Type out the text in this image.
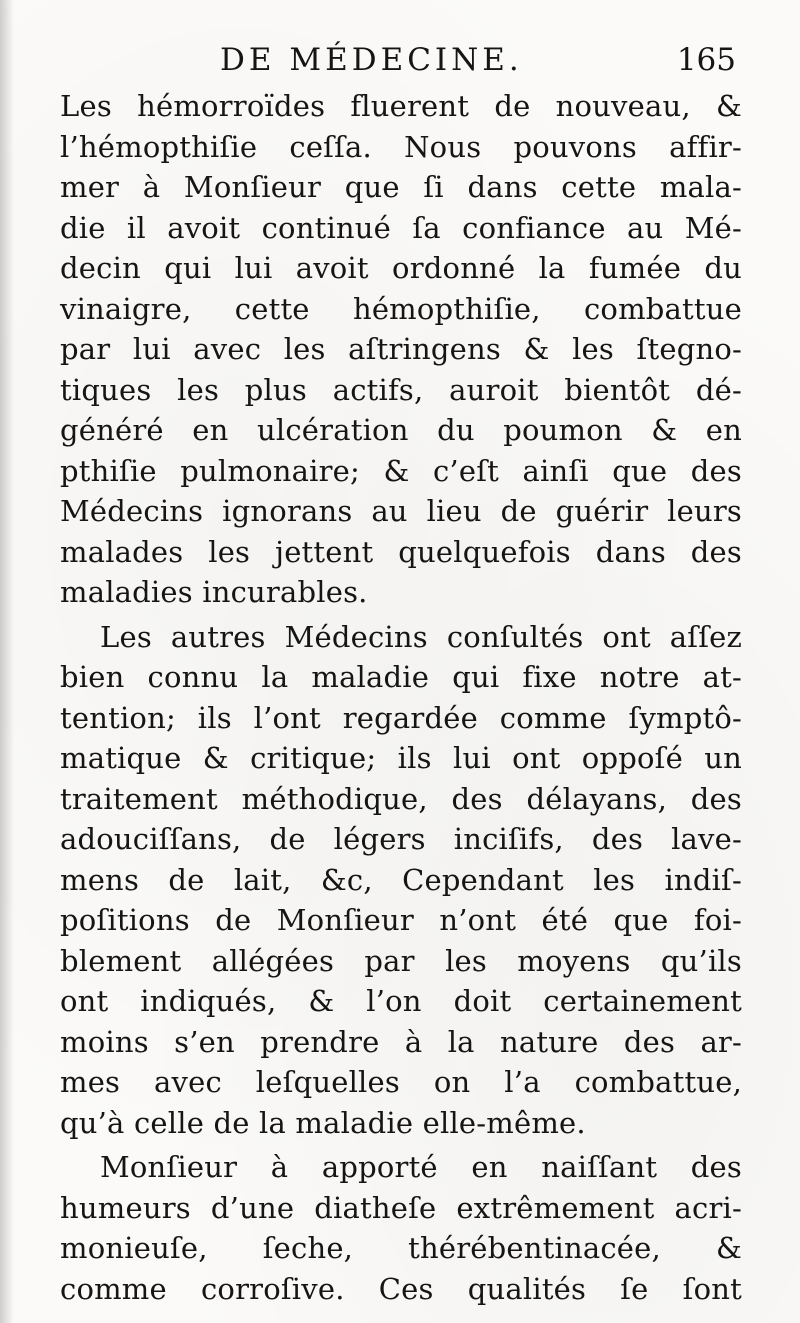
DE MÉDECINE.	165
Les hémorroïdes fluerent de nouveau, &
l’hémopthiſie ceſſa. Nous pouvons affir-
mer à Monſieur que ſi dans cette mala-
die il avoit continué ſa confiance au Mé-
decin qui lui avoit ordonné la fumée du
vinaigre, cette hémopthiſie, combattue
par lui avec les aſtringens & les ſtegno-
tiques les plus actifs, auroit bientôt dé-
généré en ulcération du poumon & en
pthiſie pulmonaire; & c’eſt ainſi que des
Médecins ignorans au lieu de guérir leurs
malades les jettent quelquefois dans des
maladies incurables.
Les autres Médecins conſultés ont aſſez
bien connu la maladie qui fixe notre at-
tention; ils l’ont regardée comme ſymptô-
matique & critique; ils lui ont oppoſé un
traitement méthodique, des délayans, des
adouciſſans, de légers inciſifs, des lave-
mens de lait, &c, Cependant les indiſ-
poſitions de Monſieur n’ont été que foi-
blement allégées par les moyens qu’ils
ont indiqués, & l’on doit certainement
moins s’en prendre à la nature des ar-
mes avec leſquelles on l’a combattue,
qu’à celle de la maladie elle-même.
Monſieur à apporté en naiſſant des
humeurs d’une diatheſe extrêmement acri-
monieuſe, ſeche, thérébentinacée, &
comme corroſive. Ces qualités ſe ſont
